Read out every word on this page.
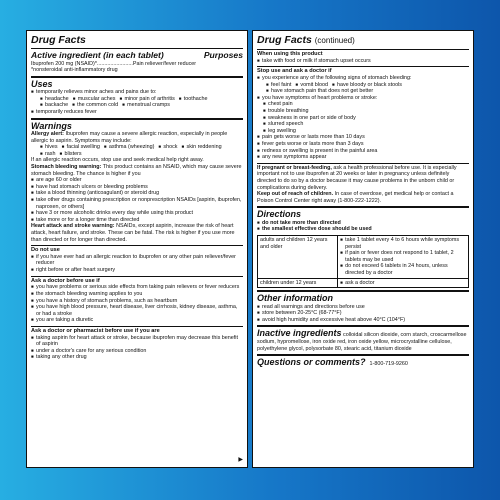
Drug Facts
Active ingredient (in each tablet)	Purposes
Ibuprofen 200 mg (NSAID)*........................Pain reliever/fever reducer
*nonsteroidal anti-inflammatory drug
Uses
■ temporarily relieves minor aches and pains due to:
■ headache	■ muscular aches	■ minor pain of arthritis	■ toothache
■ backache	■ the common cold	■ menstrual cramps
■ temporarily reduces fever
Warnings
Allergy alert: Ibuprofen may cause a severe allergic reaction, especially in people allergic to aspirin. Symptoms may include:
■ hives	■ facial swelling	■ asthma (wheezing)	■ shock	■ skin reddening
■ rash	■ blisters
If an allergic reaction occurs, stop use and seek medical help right away.
Stomach bleeding warning: This product contains an NSAID, which may cause severe stomach bleeding. The chance is higher if you
■ are age 60 or older
■ have had stomach ulcers or bleeding problems
■ take a blood thinning (anticoagulant) or steroid drug
■ take other drugs containing prescription or nonprescription NSAIDs [aspirin, ibuprofen, naproxen, or others]
■ have 3 or more alcoholic drinks every day while using this product
■ take more or for a longer time than directed
Heart attack and stroke warning: NSAIDs, except aspirin, increase the risk of heart attack, heart failure, and stroke. These can be fatal. The risk is higher if you use more than directed or for longer than directed.
Do not use
■ if you have ever had an allergic reaction to ibuprofen or any other pain reliever/fever reducer
■ right before or after heart surgery
Ask a doctor before use if
■ you have problems or serious side effects from taking pain relievers or fever reducers
■ the stomach bleeding warning applies to you
■ you have a history of stomach problems, such as heartburn
■ you have high blood pressure, heart disease, liver cirrhosis, kidney disease, asthma, or had a stroke
■ you are taking a diuretic
Ask a doctor or pharmacist before use if you are
■ taking aspirin for heart attack or stroke, because ibuprofen may decrease this benefit of aspirin
■ under a doctor's care for any serious condition
■ taking any other drug
▶
Drug Facts (continued)
When using this product
■ take with food or milk if stomach upset occurs
Stop use and ask a doctor if
■ you experience any of the following signs of stomach bleeding:
■ feel faint	■ vomit blood	■ have bloody or black stools
■ have stomach pain that does not get better
■ you have symptoms of heart problems or stroke:
■ chest pain
■ trouble breathing
■ weakness in one part or side of body
■ slurred speech
■ leg swelling
■ pain gets worse or lasts more than 10 days
■ fever gets worse or lasts more than 3 days
■ redness or swelling is present in the painful area
■ any new symptoms appear
If pregnant or breast-feeding, ask a health professional before use. It is especially important not to use ibuprofen at 20 weeks or later in pregnancy unless definitely directed to do so by a doctor because it may cause problems in the unborn child or complications during delivery.
Keep out of reach of children. In case of overdose, get medical help or contact a Poison Control Center right away (1-800-222-1222).
Directions
■ do not take more than directed
■ the smallest effective dose should be used
adults and children 12 years and older	■ take 1 tablet every 4 to 6 hours while symptoms persist
■ if pain or fever does not respond to 1 tablet, 2 tablets may be used
■ do not exceed 6 tablets in 24 hours, unless directed by a doctor

children under 12 years	■ ask a doctor
Other information
■ read all warnings and directions before use
■ store between 20-25°C (68-77°F)
■ avoid high humidity and excessive heat above 40°C (104°F)
Inactive ingredients colloidal silicon dioxide, corn starch, croscarmellose sodium, hypromellose, iron oxide red, iron oxide yellow, microcrystalline cellulose, polyethylene glycol, polysorbate 80, stearic acid, titanium dioxide
Questions or comments? 1-800-719-9260
